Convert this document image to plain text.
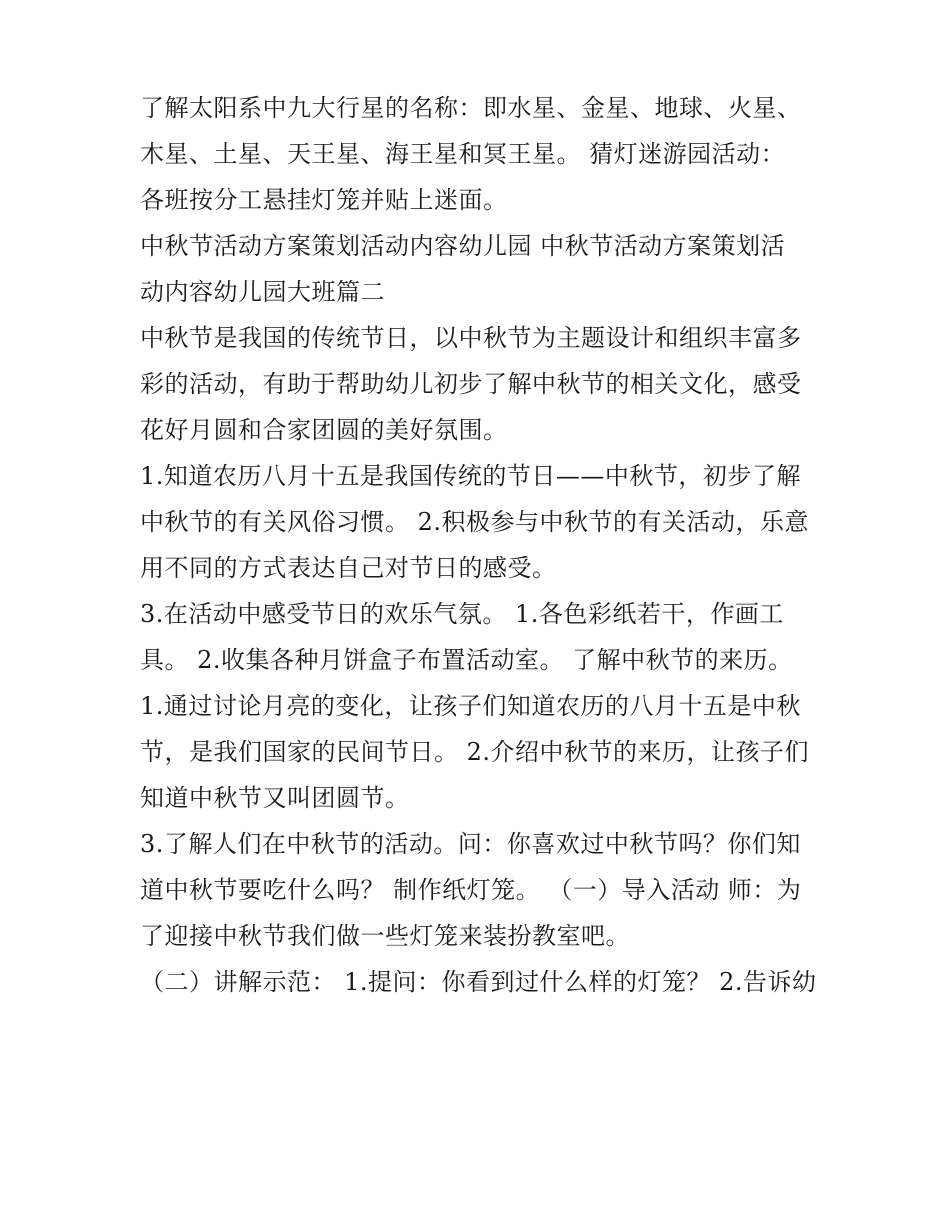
了解太阳系中九大行星的名称：即水星、金星、地球、火星、
木星、土星、天王星、海王星和冥王星。 猜灯迷游园活动：
各班按分工悬挂灯笼并贴上迷面。
中秋节活动方案策划活动内容幼儿园 中秋节活动方案策划活
动内容幼儿园大班篇二
中秋节是我国的传统节日，以中秋节为主题设计和组织丰富多
彩的活动，有助于帮助幼儿初步了解中秋节的相关文化，感受
花好月圆和合家团圆的美好氛围。
1.知道农历八月十五是我国传统的节日——中秋节，初步了解
中秋节的有关风俗习惯。 2.积极参与中秋节的有关活动，乐意
用不同的方式表达自己对节日的感受。
3.在活动中感受节日的欢乐气氛。 1.各色彩纸若干，作画工
具。 2.收集各种月饼盒子布置活动室。 了解中秋节的来历。
1.通过讨论月亮的变化，让孩子们知道农历的八月十五是中秋
节，是我们国家的民间节日。 2.介绍中秋节的来历，让孩子们
知道中秋节又叫团圆节。
3.了解人们在中秋节的活动。问：你喜欢过中秋节吗？你们知
道中秋节要吃什么吗？ 制作纸灯笼。 （一）导入活动 师：为
了迎接中秋节我们做一些灯笼来装扮教室吧。
（二）讲解示范： 1.提问：你看到过什么样的灯笼？ 2.告诉幼
